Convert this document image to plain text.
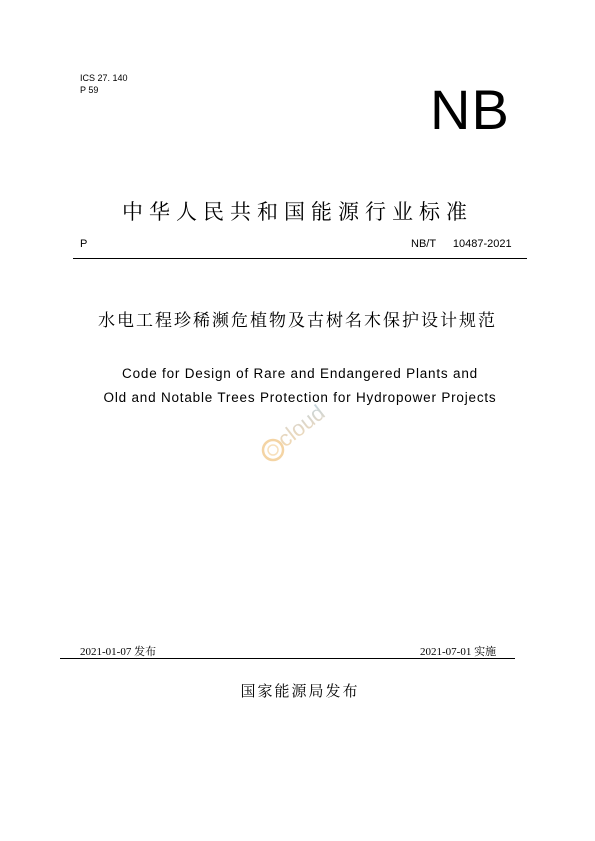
ICS 27. 140
P 59	NB
中华人民共和国能源行业标准
P	NB/T 10487-2021
水电工程珍稀濒危植物及古树名木保护设计规范
Code for Design of Rare and Endangered Plants and
Old and Notable Trees Protection for Hydropower Projects
cloud
2021-01-07 发布	2021-07-01 实施
国家能源局发布
